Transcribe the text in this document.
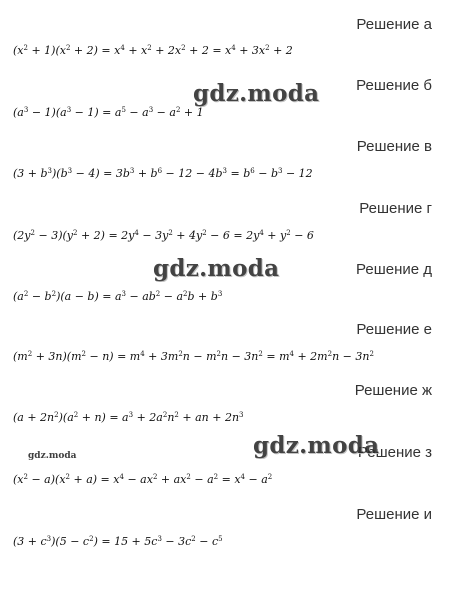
Решение а
$(x^2 + 1)(x^2 + 2) = x^4 + x^2 + 2x^2 + 2 = x^4 + 3x^2 + 2$
Решение б
$(a^3 - 1)(a^3 - 1) = a^5 - a^3 - a^2 + 1$
Решение в
$(3 + b^3)(b^3 - 4) = 3b^3 + b^6 - 12 - 4b^3 = b^6 - b^3 - 12$
Решение г
$(2y^2 - 3)(y^2 + 2) = 2y^4 - 3y^2 + 4y^2 - 6 = 2y^4 + y^2 - 6$
Решение д
$(a^2 - b^2)(a - b) = a^3 - ab^2 - a^2b + b^3$
Решение е
$(m^2 + 3n)(m^2 - n) = m^4 + 3m^2n - m^2n - 3n^2 = m^4 + 2m^2n - 3n^2$
Решение ж
$(a + 2n^2)(a^2 + n) = a^3 + 2a^2n^2$ + an + $2n^3$
Решение з
$(x^2 - a)(x^2 + a) = x^4 - ax^2 + ax^2 - a^2 = x^4 - a^2$
Решение и
$(3 + c^3)(5 - c^2) = 15 + 5c^3 - 3c^2 - c^5$
gdz.moda
gdz.moda
gdz.moda
gdz.moda
